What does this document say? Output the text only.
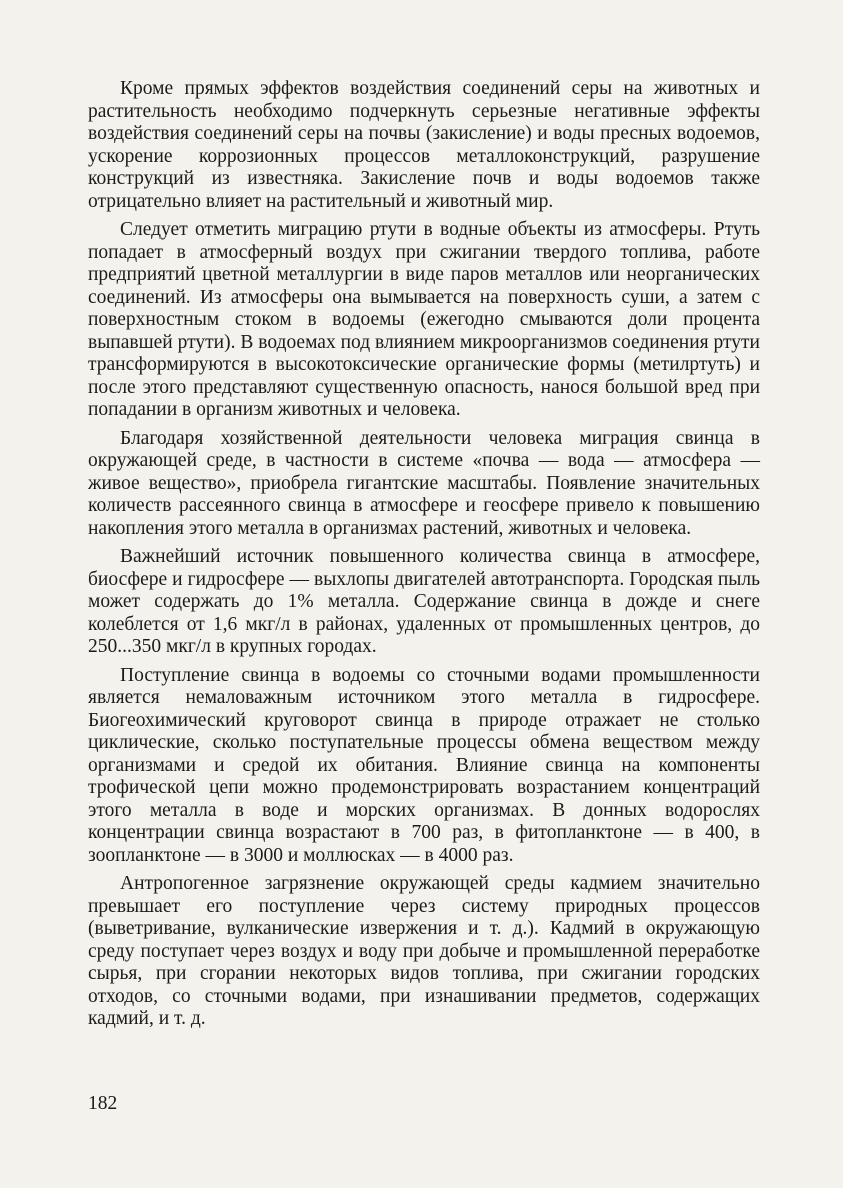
Кроме прямых эффектов воздействия соединений серы на животных и растительность необходимо подчеркнуть серьезные негативные эффекты воздействия соединений серы на почвы (закисление) и воды пресных водоемов, ускорение коррозионных процессов металлоконструкций, разрушение конструкций из известняка. Закисление почв и воды водоемов также отрицательно влияет на растительный и животный мир.

Следует отметить миграцию ртути в водные объекты из атмосферы. Ртуть попадает в атмосферный воздух при сжигании твердого топлива, работе предприятий цветной металлургии в виде паров металлов или неорганических соединений. Из атмосферы она вымывается на поверхность суши, а затем с поверхностным стоком в водоемы (ежегодно смываются доли процента выпавшей ртути). В водоемах под влиянием микроорганизмов соединения ртути трансформируются в высокотоксические органические формы (метилртуть) и после этого представляют существенную опасность, нанося большой вред при попадании в организм животных и человека.

Благодаря хозяйственной деятельности человека миграция свинца в окружающей среде, в частности в системе «почва — вода — атмосфера — живое вещество», приобрела гигантские масштабы. Появление значительных количеств рассеянного свинца в атмосфере и геосфере привело к повышению накопления этого металла в организмах растений, животных и человека.

Важнейший источник повышенного количества свинца в атмосфере, биосфере и гидросфере — выхлопы двигателей автотранспорта. Городская пыль может содержать до 1% металла. Содержание свинца в дожде и снеге колеблется от 1,6 мкг/л в районах, удаленных от промышленных центров, до 250...350 мкг/л в крупных городах.

Поступление свинца в водоемы со сточными водами промышленности является немаловажным источником этого металла в гидросфере. Биогеохимический круговорот свинца в природе отражает не столько циклические, сколько поступательные процессы обмена веществом между организмами и средой их обитания. Влияние свинца на компоненты трофической цепи можно продемонстрировать возрастанием концентраций этого металла в воде и морских организмах. В донных водорослях концентрации свинца возрастают в 700 раз, в фитопланктоне — в 400, в зоопланктоне — в 3000 и моллюсках — в 4000 раз.

Антропогенное загрязнение окружающей среды кадмием значительно превышает его поступление через систему природных процессов (выветривание, вулканические извержения и т. д.). Кадмий в окружающую среду поступает через воздух и воду при добыче и промышленной переработке сырья, при сгорании некоторых видов топлива, при сжигании городских отходов, со сточными водами, при изнашивании предметов, содержащих кадмий, и т. д.

182
